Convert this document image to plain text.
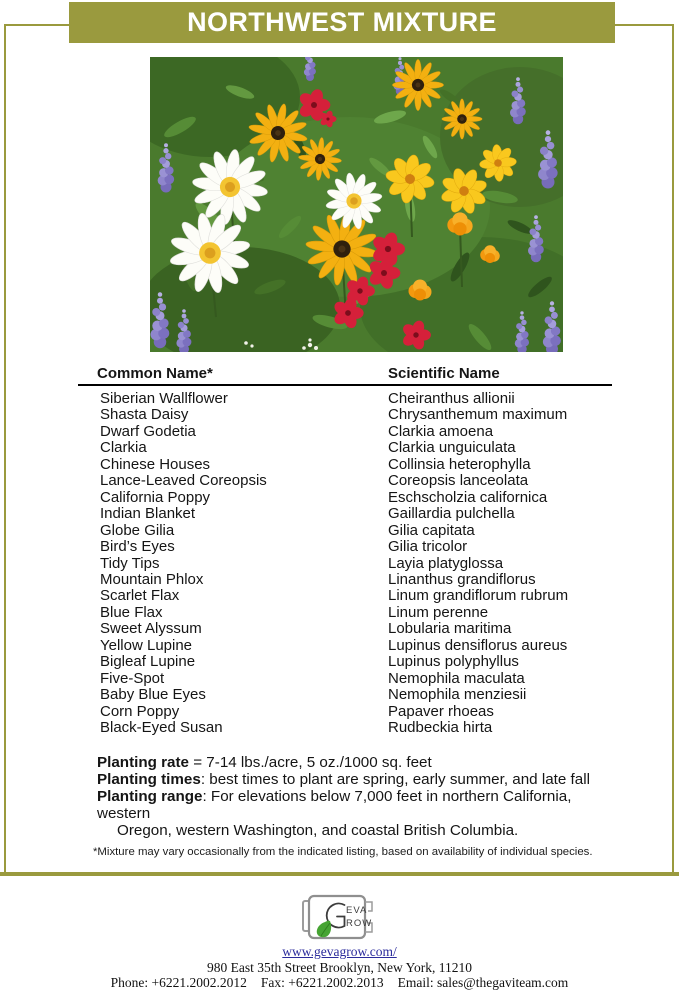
NORTHWEST MIXTURE
Common Name*	Scientific Name
Siberian Wallflower	Cheiranthus allionii
Shasta Daisy	Chrysanthemum maximum
Dwarf Godetia	Clarkia amoena
Clarkia	Clarkia unguiculata
Chinese Houses	Collinsia heterophylla
Lance-Leaved Coreopsis	Coreopsis lanceolata
California Poppy	Eschscholzia californica
Indian Blanket	Gaillardia pulchella
Globe Gilia	Gilia capitata
Bird’s Eyes	Gilia tricolor
Tidy Tips	Layia platyglossa
Mountain Phlox	Linanthus grandiflorus
Scarlet Flax	Linum grandiflorum rubrum
Blue Flax	Linum perenne
Sweet Alyssum	Lobularia maritima
Yellow Lupine	Lupinus densiflorus aureus
Bigleaf Lupine	Lupinus polyphyllus
Five-Spot	Nemophila maculata
Baby Blue Eyes	Nemophila menziesii
Corn Poppy	Papaver rhoeas
Black-Eyed Susan	Rudbeckia hirta
Planting rate = 7-14 lbs./acre, 5 oz./1000 sq. feet
Planting times: best times to plant are spring, early summer, and late fall
Planting range: For elevations below 7,000 feet in northern California,
western
Oregon, western Washington, and coastal British Columbia.
*Mixture may vary occasionally from the indicated listing, based on availability of individual species.
EVA
ROW
www.gevagrow.com/
980 East 35th Street Brooklyn, New York, 11210
Phone: +6221.2002.2012 Fax: +6221.2002.2013 Email: sales@thegaviteam.com
